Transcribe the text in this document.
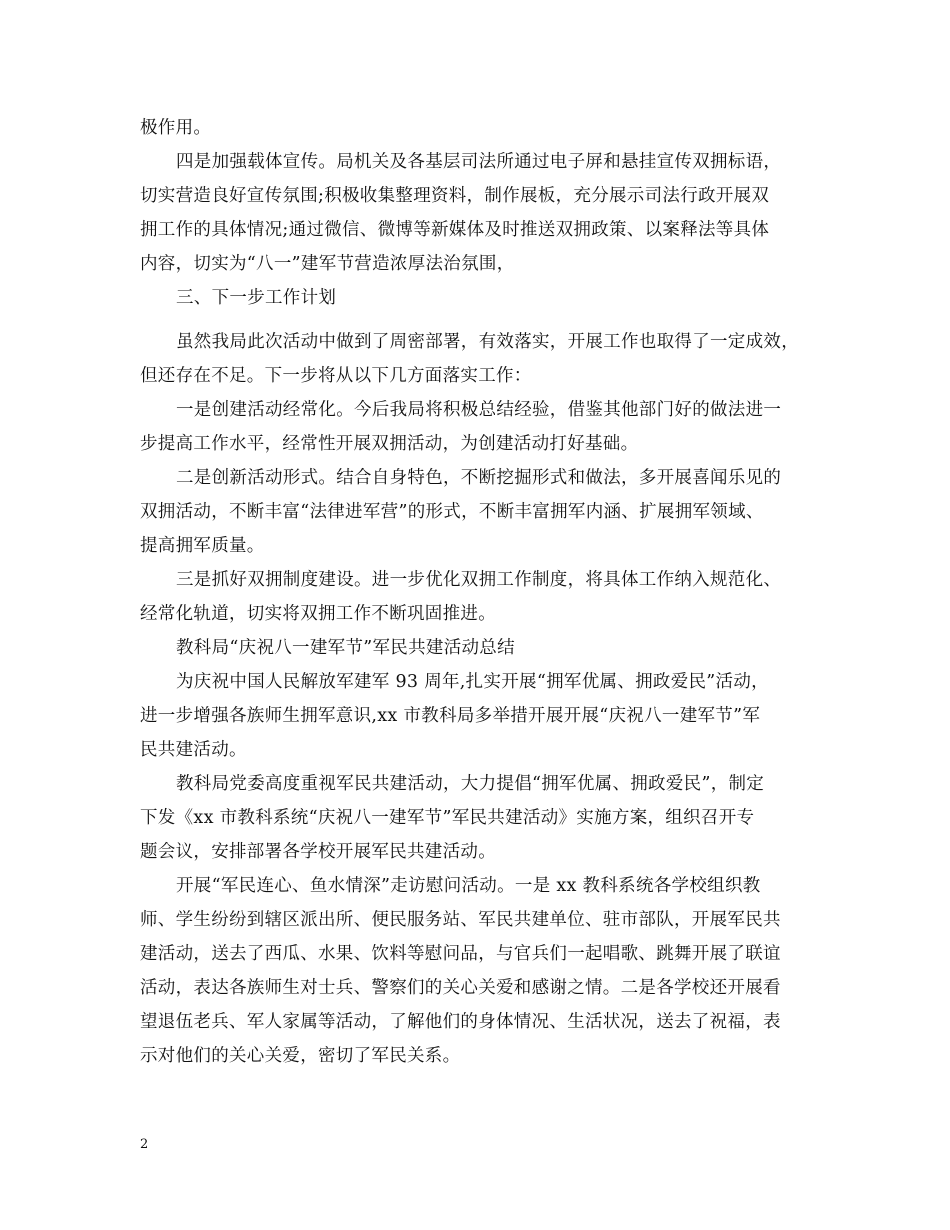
极作用。
四是加强载体宣传。局机关及各基层司法所通过电子屏和悬挂宣传双拥标语，
切实营造良好宣传氛围;积极收集整理资料，制作展板，充分展示司法行政开展双
拥工作的具体情况;通过微信、微博等新媒体及时推送双拥政策、以案释法等具体
内容，切实为“八一”建军节营造浓厚法治氛围，
三、下一步工作计划
虽然我局此次活动中做到了周密部署，有效落实，开展工作也取得了一定成效，
但还存在不足。下一步将从以下几方面落实工作：
一是创建活动经常化。今后我局将积极总结经验，借鉴其他部门好的做法进一
步提高工作水平，经常性开展双拥活动，为创建活动打好基础。
二是创新活动形式。结合自身特色，不断挖掘形式和做法，多开展喜闻乐见的
双拥活动，不断丰富“法律进军营”的形式，不断丰富拥军内涵、扩展拥军领域、
提高拥军质量。
三是抓好双拥制度建设。进一步优化双拥工作制度，将具体工作纳入规范化、
经常化轨道，切实将双拥工作不断巩固推进。
教科局“庆祝八一建军节”军民共建活动总结
为庆祝中国人民解放军建军 93 周年,扎实开展“拥军优属、拥政爱民”活动，
进一步增强各族师生拥军意识,xx 市教科局多举措开展开展“庆祝八一建军节”军
民共建活动。
教科局党委高度重视军民共建活动，大力提倡“拥军优属、拥政爱民”，制定
下发《xx 市教科系统“庆祝八一建军节”军民共建活动》实施方案，组织召开专
题会议，安排部署各学校开展军民共建活动。
开展“军民连心、鱼水情深”走访慰问活动。一是 xx 教科系统各学校组织教
师、学生纷纷到辖区派出所、便民服务站、军民共建单位、驻市部队，开展军民共
建活动，送去了西瓜、水果、饮料等慰问品，与官兵们一起唱歌、跳舞开展了联谊
活动，表达各族师生对士兵、警察们的关心关爱和感谢之情。二是各学校还开展看
望退伍老兵、军人家属等活动，了解他们的身体情况、生活状况，送去了祝福，表
示对他们的关心关爱，密切了军民关系。
2
